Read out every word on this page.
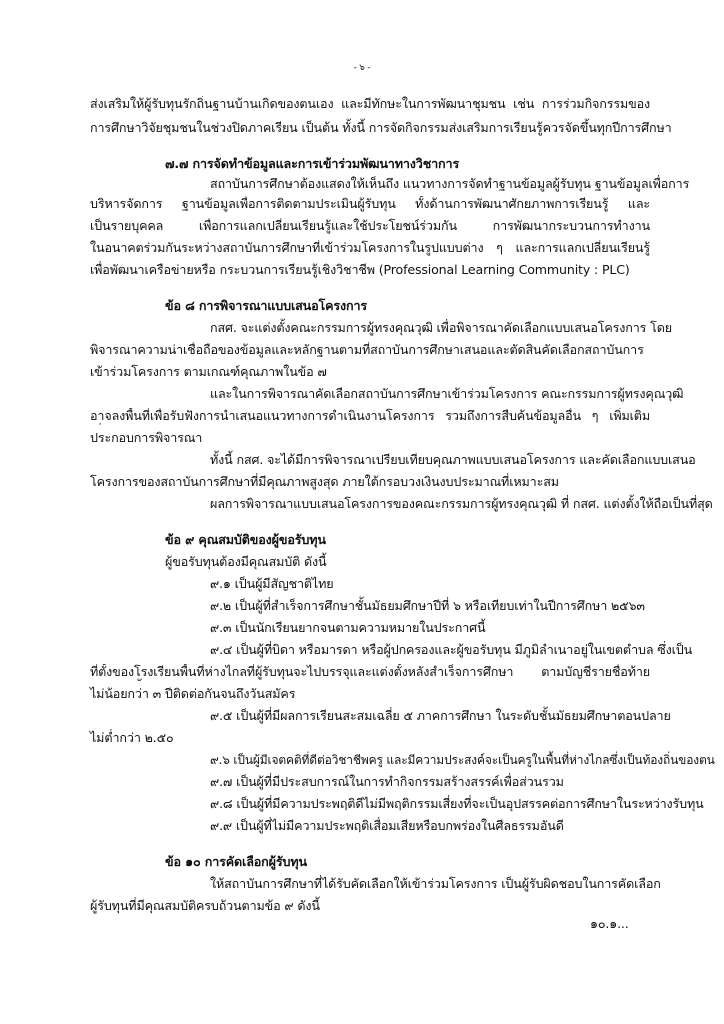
- ๖ -
ส่งเสริมให้ผู้รับทุนรักถิ่นฐานบ้านเกิดของตนเอง และมีทักษะในการพัฒนาชุมชน เช่น การร่วมกิจกรรมของ
การศึกษาวิจัยชุมชนในช่วงปิดภาคเรียน เป็นต้น ทั้งนี้ การจัดกิจกรรมส่งเสริมการเรียนรู้ควรจัดขึ้นทุกปีการศึกษา
๗.๗ การจัดทำข้อมูลและการเข้าร่วมพัฒนาทางวิชาการ
สถาบันการศึกษาต้องแสดงให้เห็นถึง แนวทางการจัดทำฐานข้อมูลผู้รับทุน ฐานข้อมูลเพื่อการ
บริหารจัดการ ฐานข้อมูลเพื่อการติดตามประเมินผู้รับทุน ทั้งด้านการพัฒนาศักยภาพการเรียนรู้ และ
เป็นรายบุคคล เพื่อการแลกเปลี่ยนเรียนรู้และใช้ประโยชน์ร่วมกัน การพัฒนากระบวนการทำงาน
ในอนาคตร่วมกันระหว่างสถาบันการศึกษาที่เข้าร่วมโครงการในรูปแบบต่าง ๆ และการแลกเปลี่ยนเรียนรู้
เพื่อพัฒนาเครือข่ายหรือ กระบวนการเรียนรู้เชิงวิชาชีพ (Professional Learning Community : PLC)
ข้อ ๘ การพิจารณาแบบเสนอโครงการ
กสศ. จะแต่งตั้งคณะกรรมการผู้ทรงคุณวุฒิ เพื่อพิจารณาคัดเลือกแบบเสนอโครงการ โดย
พิจารณาความน่าเชื่อถือของข้อมูลและหลักฐานตามที่สถาบันการศึกษาเสนอและตัดสินคัดเลือกสถาบันการ
เข้าร่วมโครงการ ตามเกณฑ์คุณภาพในข้อ ๗
และในการพิจารณาคัดเลือกสถาบันการศึกษาเข้าร่วมโครงการ คณะกรรมการผู้ทรงคุณวุฒิ
อาจลงพื้นที่เพื่อรับฟังการนำเสนอแนวทางการดำเนินงานโครงการ รวมถึงการสืบค้นข้อมูลอื่น ๆ เพิ่มเติม
ประกอบการพิจารณา
ทั้งนี้ กสศ. จะได้มีการพิจารณาเปรียบเทียบคุณภาพแบบเสนอโครงการ และคัดเลือกแบบเสนอ
โครงการของสถาบันการศึกษาที่มีคุณภาพสูงสุด ภายใต้กรอบวงเงินงบประมาณที่เหมาะสม
ผลการพิจารณาแบบเสนอโครงการของคณะกรรมการผู้ทรงคุณวุฒิ ที่ กสศ. แต่งตั้งให้ถือเป็นที่สุด
ข้อ ๙ คุณสมบัติของผู้ขอรับทุน
ผู้ขอรับทุนต้องมีคุณสมบัติ ดังนี้
๙.๑ เป็นผู้มีสัญชาติไทย
๙.๒ เป็นผู้ที่สำเร็จการศึกษาชั้นมัธยมศึกษาปีที่ ๖ หรือเทียบเท่าในปีการศึกษา ๒๕๖๓
๙.๓ เป็นนักเรียนยากจนตามความหมายในประกาศนี้
๙.๔ เป็นผู้ที่บิดา หรือมารดา หรือผู้ปกครองและผู้ขอรับทุน มีภูมิลำเนาอยู่ในเขตตำบล ซึ่งเป็น
ที่ตั้งของโรงเรียนพื้นที่ห่างไกลที่ผู้รับทุนจะไปบรรจุและแต่งตั้งหลังสำเร็จการศึกษา ตามบัญชีรายชื่อท้าย
ไม่น้อยกว่า ๓ ปีติดต่อกันจนถึงวันสมัคร
๙.๕ เป็นผู้ที่มีผลการเรียนสะสมเฉลี่ย ๕ ภาคการศึกษา ในระดับชั้นมัธยมศึกษาตอนปลาย
ไม่ต่ำกว่า ๒.๕๐
๙.๖ เป็นผู้มีเจตคติที่ดีต่อวิชาชีพครู และมีความประสงค์จะเป็นครูในพื้นที่ห่างไกลซึ่งเป็นท้องถิ่นของตน
๙.๗ เป็นผู้ที่มีประสบการณ์ในการทำกิจกรรมสร้างสรรค์เพื่อส่วนรวม
๙.๘ เป็นผู้ที่มีความประพฤติดีไม่มีพฤติกรรมเสี่ยงที่จะเป็นอุปสรรคต่อการศึกษาในระหว่างรับทุน
๙.๙ เป็นผู้ที่ไม่มีความประพฤติเสื่อมเสียหรือบกพร่องในศีลธรรมอันดี
ข้อ ๑๐ การคัดเลือกผู้รับทุน
ให้สถาบันการศึกษาที่ได้รับคัดเลือกให้เข้าร่วมโครงการ เป็นผู้รับผิดชอบในการคัดเลือก
ผู้รับทุนที่มีคุณสมบัติครบถ้วนตามข้อ ๙ ดังนี้
๑๐.๑...
